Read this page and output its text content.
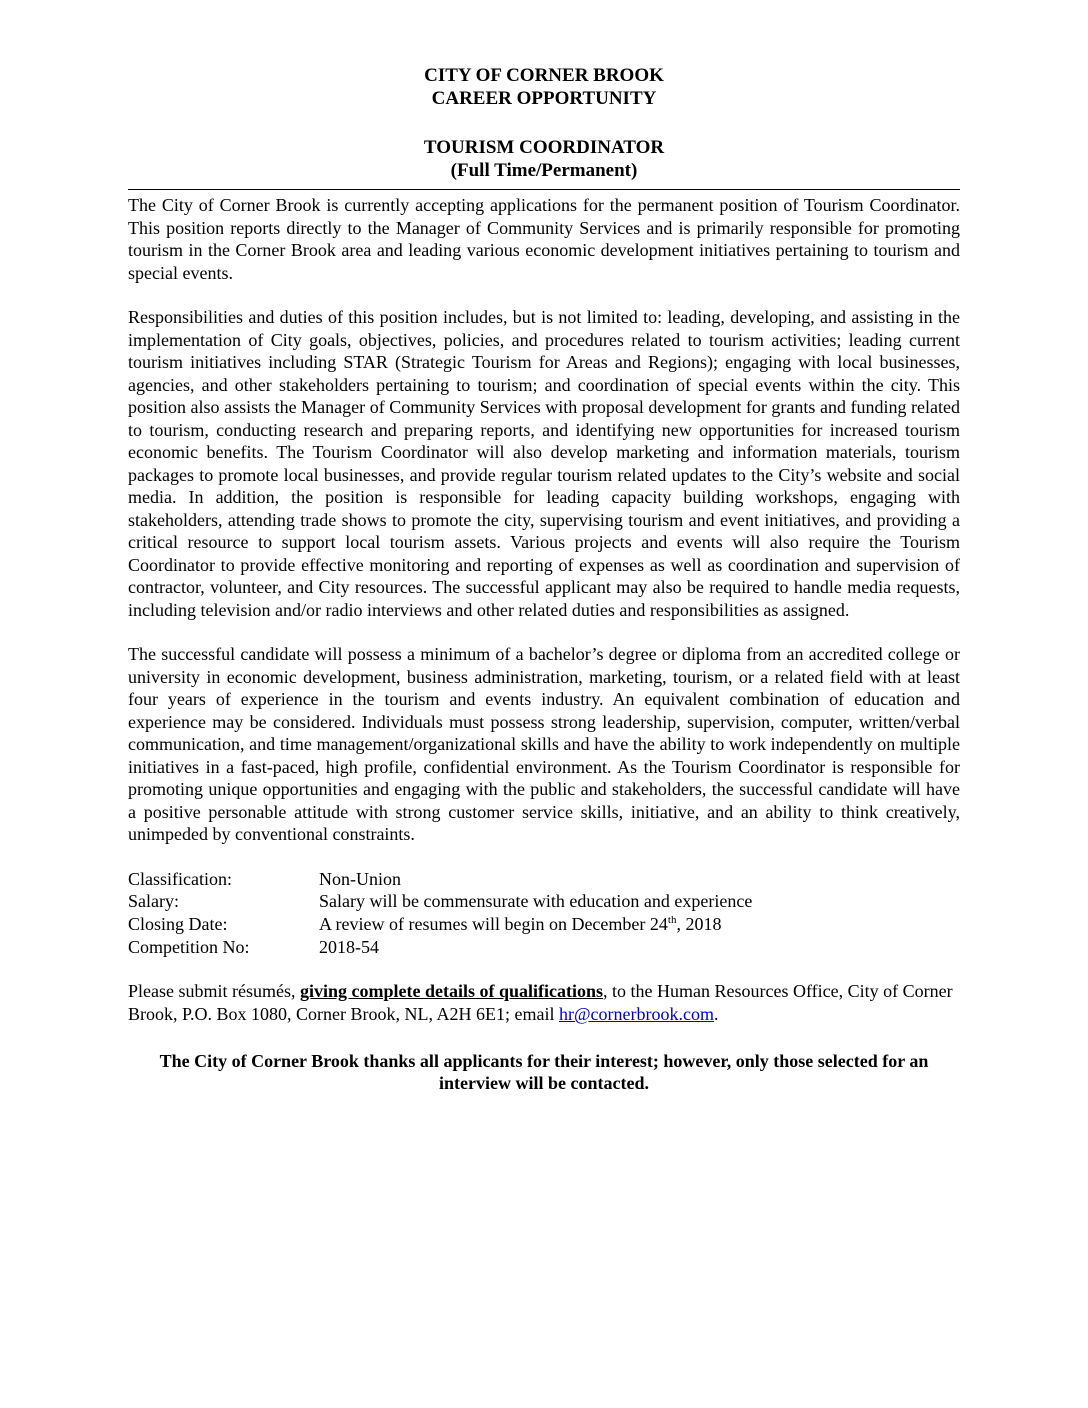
CITY OF CORNER BROOK

CAREER OPPORTUNITY

TOURISM COORDINATOR

(Full Time/Permanent)

The City of Corner Brook is currently accepting applications for the permanent position of Tourism Coordinator. This position reports directly to the Manager of Community Services and is primarily responsible for promoting tourism in the Corner Brook area and leading various economic development initiatives pertaining to tourism and special events.

Responsibilities and duties of this position includes, but is not limited to: leading, developing, and assisting in the implementation of City goals, objectives, policies, and procedures related to tourism activities; leading current tourism initiatives including STAR (Strategic Tourism for Areas and Regions); engaging with local businesses, agencies, and other stakeholders pertaining to tourism; and coordination of special events within the city. This position also assists the Manager of Community Services with proposal development for grants and funding related to tourism, conducting research and preparing reports, and identifying new opportunities for increased tourism economic benefits. The Tourism Coordinator will also develop marketing and information materials, tourism packages to promote local businesses, and provide regular tourism related updates to the City’s website and social media. In addition, the position is responsible for leading capacity building workshops, engaging with stakeholders, attending trade shows to promote the city, supervising tourism and event initiatives, and providing a critical resource to support local tourism assets. Various projects and events will also require the Tourism Coordinator to provide effective monitoring and reporting of expenses as well as coordination and supervision of contractor, volunteer, and City resources. The successful applicant may also be required to handle media requests, including television and/or radio interviews and other related duties and responsibilities as assigned.

The successful candidate will possess a minimum of a bachelor’s degree or diploma from an accredited college or university in economic development, business administration, marketing, tourism, or a related field with at least four years of experience in the tourism and events industry. An equivalent combination of education and experience may be considered. Individuals must possess strong leadership, supervision, computer, written/verbal communication, and time management/organizational skills and have the ability to work independently on multiple initiatives in a fast-paced, high profile, confidential environment. As the Tourism Coordinator is responsible for promoting unique opportunities and engaging with the public and stakeholders, the successful candidate will have a positive personable attitude with strong customer service skills, initiative, and an ability to think creatively, unimpeded by conventional constraints.

Classification:	Non-Union
Salary:	Salary will be commensurate with education and experience
Closing Date:	A review of resumes will begin on December 24th, 2018
Competition No:	2018-54

Please submit résumés, giving complete details of qualifications, to the Human Resources Office, City of Corner Brook, P.O. Box 1080, Corner Brook, NL, A2H 6E1; email hr@cornerbrook.com.

The City of Corner Brook thanks all applicants for their interest; however, only those selected for an interview will be contacted.
